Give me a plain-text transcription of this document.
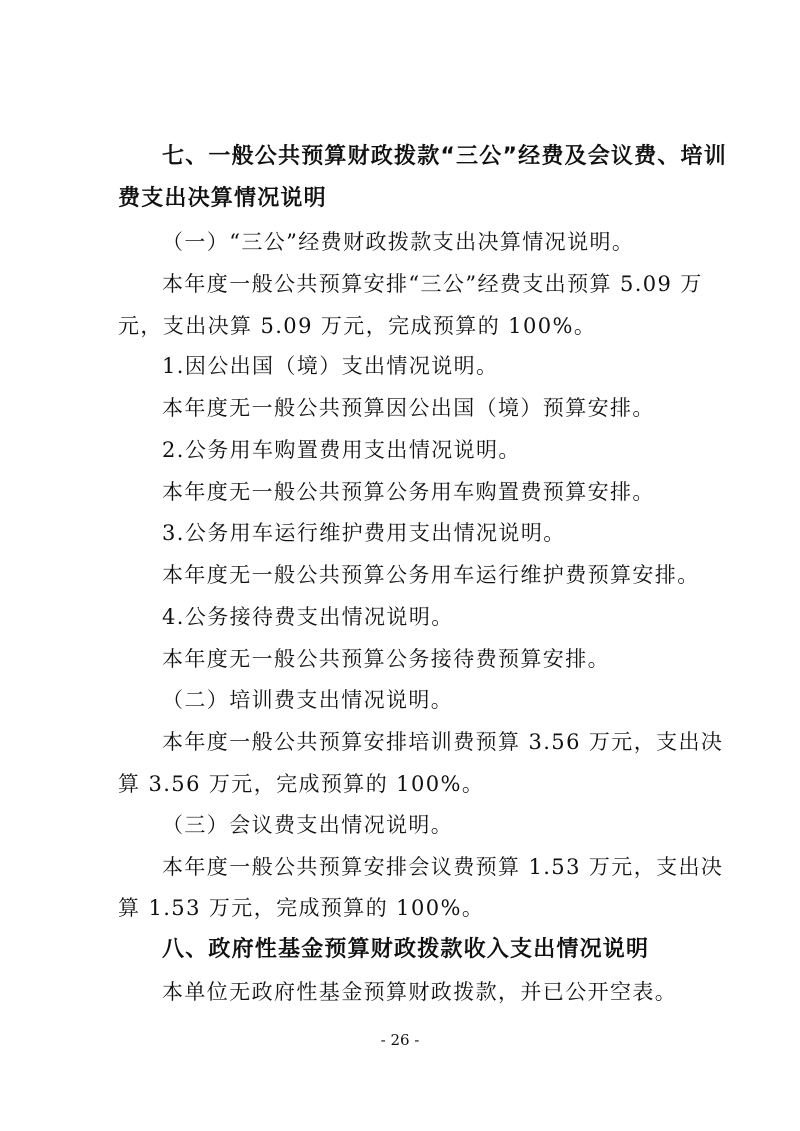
七、一般公共预算财政拨款“三公”经费及会议费、培训
费支出决算情况说明
（一）“三公”经费财政拨款支出决算情况说明。
本年度一般公共预算安排“三公”经费支出预算 5.09 万
元，支出决算 5.09 万元，完成预算的 100%。
1.因公出国（境）支出情况说明。
本年度无一般公共预算因公出国（境）预算安排。
2.公务用车购置费用支出情况说明。
本年度无一般公共预算公务用车购置费预算安排。
3.公务用车运行维护费用支出情况说明。
本年度无一般公共预算公务用车运行维护费预算安排。
4.公务接待费支出情况说明。
本年度无一般公共预算公务接待费预算安排。
（二）培训费支出情况说明。
本年度一般公共预算安排培训费预算 3.56 万元，支出决
算 3.56 万元，完成预算的 100%。
（三）会议费支出情况说明。
本年度一般公共预算安排会议费预算 1.53 万元，支出决
算 1.53 万元，完成预算的 100%。
八、政府性基金预算财政拨款收入支出情况说明
本单位无政府性基金预算财政拨款，并已公开空表。
- 26 -
